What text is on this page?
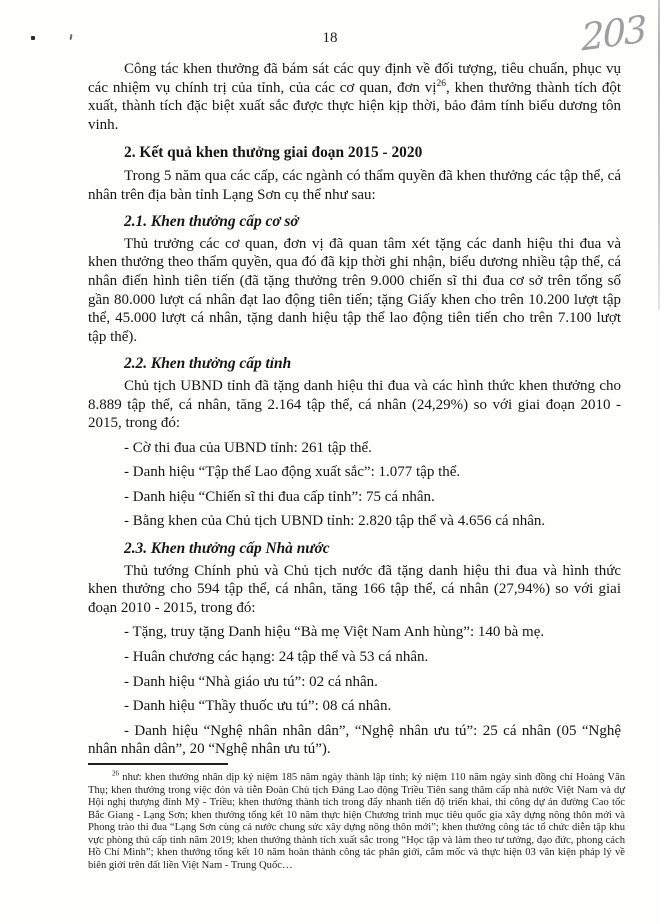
203
18

Công tác khen thưởng đã bám sát các quy định về đối tượng, tiêu chuẩn, phục vụ các nhiệm vụ chính trị của tỉnh, của các cơ quan, đơn vị$^{26}$, khen thưởng thành tích đột xuất, thành tích đặc biệt xuất sắc được thực hiện kịp thời, bảo đảm tính biểu dương tôn vinh.

2. Kết quả khen thưởng giai đoạn 2015 - 2020

Trong 5 năm qua các cấp, các ngành có thẩm quyền đã khen thưởng các tập thể, cá nhân trên địa bàn tỉnh Lạng Sơn cụ thể như sau:

2.1. Khen thưởng cấp cơ sở

Thủ trưởng các cơ quan, đơn vị đã quan tâm xét tặng các danh hiệu thi đua và khen thưởng theo thẩm quyền, qua đó đã kịp thời ghi nhận, biểu dương nhiều tập thể, cá nhân điển hình tiên tiến (đã tặng thưởng trên 9.000 chiến sĩ thi đua cơ sở trên tổng số gần 80.000 lượt cá nhân đạt lao động tiên tiến; tặng Giấy khen cho trên 10.200 lượt tập thể, 45.000 lượt cá nhân, tặng danh hiệu tập thể lao động tiên tiến cho trên 7.100 lượt tập thể).

2.2. Khen thưởng cấp tỉnh

Chủ tịch UBND tỉnh đã tặng danh hiệu thi đua và các hình thức khen thưởng cho 8.889 tập thể, cá nhân, tăng 2.164 tập thể, cá nhân (24,29%) so với giai đoạn 2010 - 2015, trong đó:

- Cờ thi đua của UBND tỉnh: 261 tập thể.

- Danh hiệu “Tập thể Lao động xuất sắc”: 1.077 tập thể.

- Danh hiệu “Chiến sĩ thi đua cấp tỉnh”: 75 cá nhân.

- Bằng khen của Chủ tịch UBND tỉnh: 2.820 tập thể và 4.656 cá nhân.

2.3. Khen thưởng cấp Nhà nước

Thủ tướng Chính phủ và Chủ tịch nước đã tặng danh hiệu thi đua và hình thức khen thưởng cho 594 tập thể, cá nhân, tăng 166 tập thể, cá nhân (27,94%) so với giai đoạn 2010 - 2015, trong đó:

- Tặng, truy tặng Danh hiệu “Bà mẹ Việt Nam Anh hùng”: 140 bà mẹ.

- Huân chương các hạng: 24 tập thể và 53 cá nhân.

- Danh hiệu “Nhà giáo ưu tú”: 02 cá nhân.

- Danh hiệu “Thầy thuốc ưu tú”: 08 cá nhân.

- Danh hiệu “Nghệ nhân nhân dân”, “Nghệ nhân ưu tú”: 25 cá nhân (05 “Nghệ nhân nhân dân”, 20 “Nghệ nhân ưu tú”).

$^{26}$ như: khen thưởng nhân dịp kỷ niệm 185 năm ngày thành lập tỉnh; kỷ niệm 110 năm ngày sinh đồng chí Hoàng Văn Thụ; khen thưởng trong việc đón và tiễn Đoàn Chủ tịch Đảng Lao động Triều Tiên sang thăm cấp nhà nước Việt Nam và dự Hội nghị thượng đỉnh Mỹ - Triều; khen thưởng thành tích trong đẩy nhanh tiến độ triển khai, thi công dự án đường Cao tốc Bắc Giang - Lạng Sơn; khen thưởng tổng kết 10 năm thực hiện Chương trình mục tiêu quốc gia xây dựng nông thôn mới và Phong trào thi đua “Lạng Sơn cùng cả nước chung sức xây dựng nông thôn mới”; khen thưởng công tác tổ chức diễn tập khu vực phòng thủ cấp tỉnh năm 2019; khen thưởng thành tích xuất sắc trong “Học tập và làm theo tư tưởng, đạo đức, phong cách Hồ Chí Minh”; khen thưởng tổng kết 10 năm hoàn thành công tác phân giới, cắm mốc và thực hiện 03 văn kiện pháp lý về biên giới trên đất liền Việt Nam - Trung Quốc…
